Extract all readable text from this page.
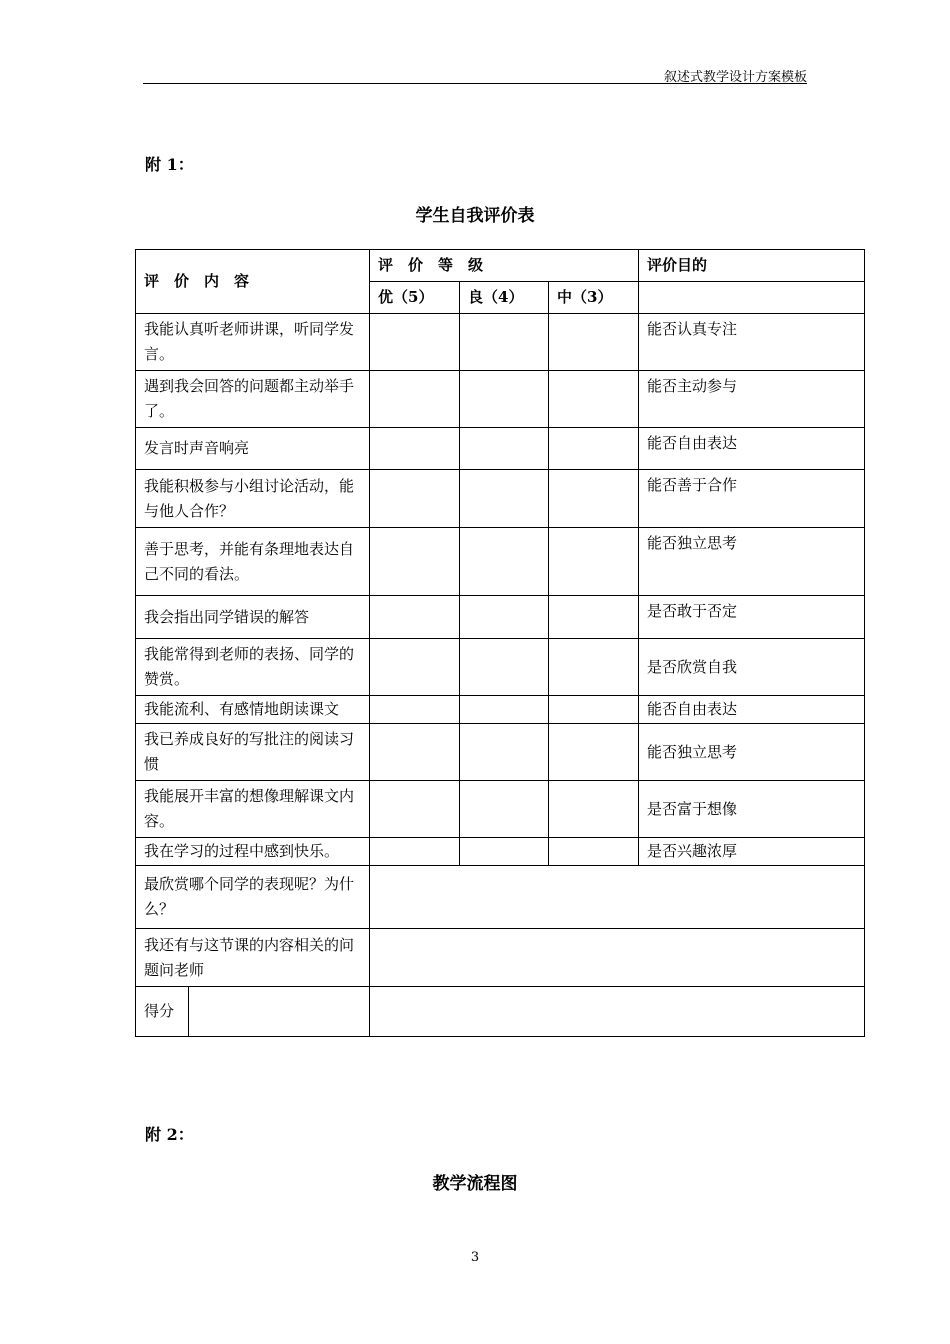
叙述式教学设计方案模板
附 1：
学生自我评价表
评　价　内　容		评　价　等　级			评价目的
		优（5）	良（4）	中（3）	
我能认真听老师讲课，听同学发言。					能否认真专注
遇到我会回答的问题都主动举手了。					能否主动参与
发言时声音响亮					能否自由表达
我能积极参与小组讨论活动，能与他人合作？					能否善于合作
善于思考，并能有条理地表达自己不同的看法。					能否独立思考
我会指出同学错误的解答					是否敢于否定
我能常得到老师的表扬、同学的赞赏。					是否欣赏自我
我能流利、有感情地朗读课文					能否自由表达
我已养成良好的写批注的阅读习惯					能否独立思考
我能展开丰富的想像理解课文内容。					是否富于想像
我在学习的过程中感到快乐。					是否兴趣浓厚
最欣赏哪个同学的表现呢？为什么？					
我还有与这节课的内容相关的问题问老师					
得分					
附 2：
教学流程图
3
